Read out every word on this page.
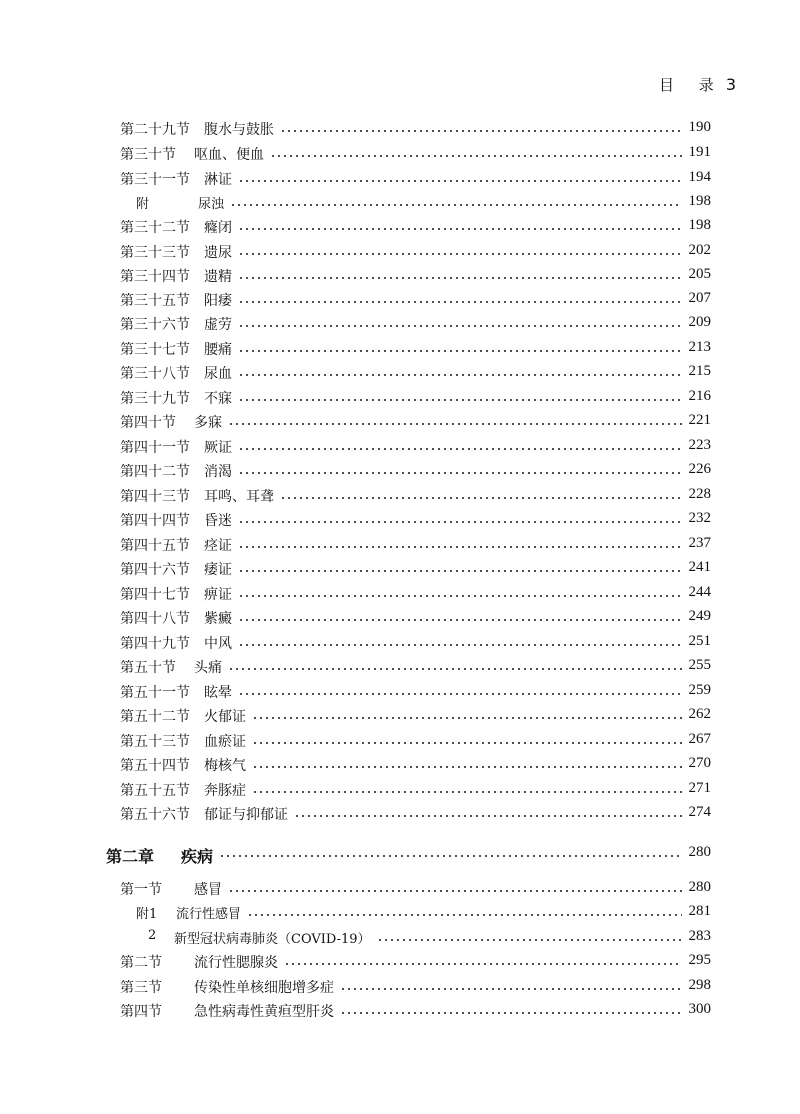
目 录 3
第二十九节 腹水与鼓胀	190
第三十节 呕血、便血	191
第三十一节 淋证	194
附	尿浊	198
第三十二节 癃闭	198
第三十三节 遗尿	202
第三十四节 遗精	205
第三十五节 阳痿	207
第三十六节 虚劳	209
第三十七节 腰痛	213
第三十八节 尿血	215
第三十九节 不寐	216
第四十节 多寐	221
第四十一节 厥证	223
第四十二节 消渴	226
第四十三节 耳鸣、耳聋	228
第四十四节 昏迷	232
第四十五节 痉证	237
第四十六节 痿证	241
第四十七节 痹证	244
第四十八节 紫癜	249
第四十九节 中风	251
第五十节 头痛	255
第五十一节 眩晕	259
第五十二节 火郁证	262
第五十三节 血瘀证	267
第五十四节 梅核气	270
第五十五节 奔豚症	271
第五十六节 郁证与抑郁证	274
第二章 疾病	280
第一节 感冒	280
附1 流行性感冒	281
2 新型冠状病毒肺炎（COVID-19）	283
第二节 流行性腮腺炎	295
第三节 传染性单核细胞增多症	298
第四节 急性病毒性黄疸型肝炎	300
